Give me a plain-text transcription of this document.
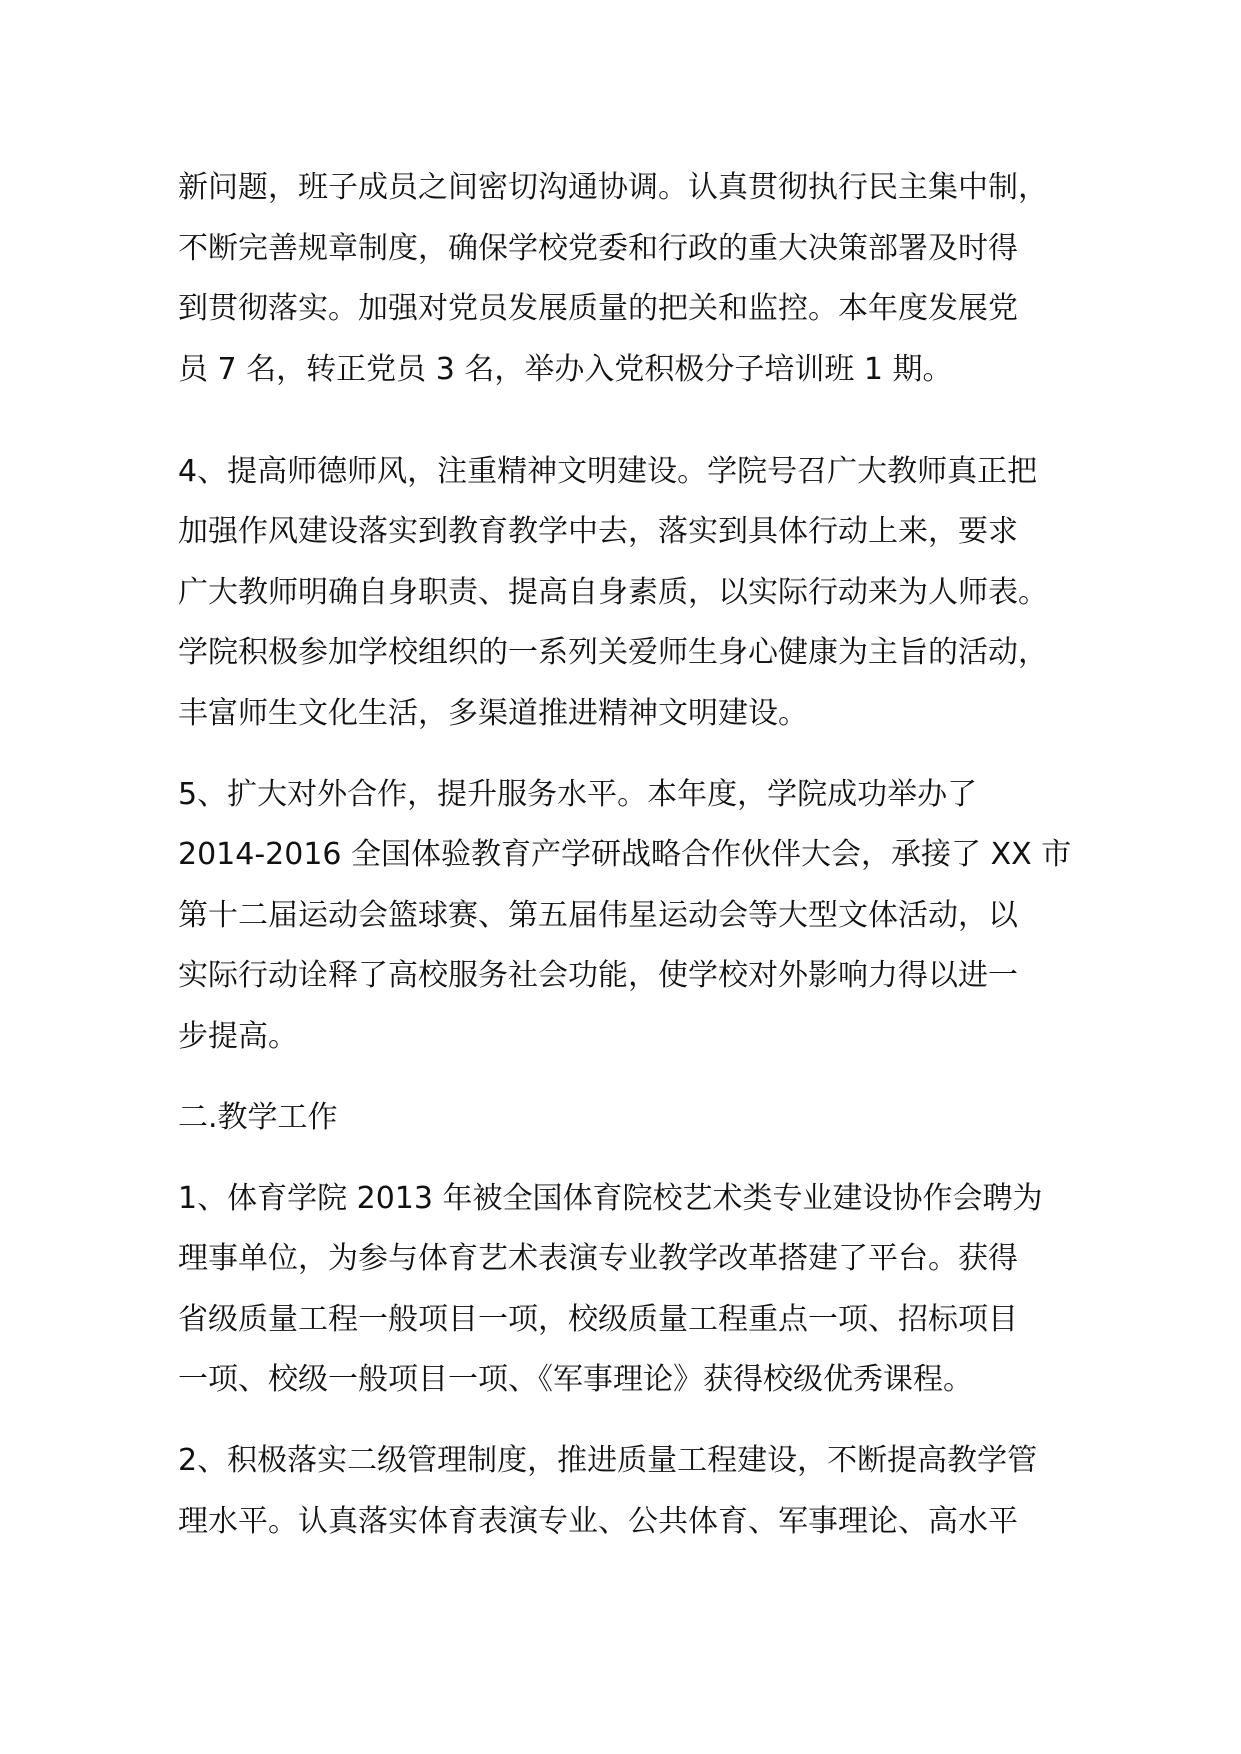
新问题，班子成员之间密切沟通协调。认真贯彻执行民主集中制，
不断完善规章制度，确保学校党委和行政的重大决策部署及时得
到贯彻落实。加强对党员发展质量的把关和监控。本年度发展党
员 7 名，转正党员 3 名，举办入党积极分子培训班 1 期。
4、提高师德师风，注重精神文明建设。学院号召广大教师真正把
加强作风建设落实到教育教学中去，落实到具体行动上来，要求
广大教师明确自身职责、提高自身素质，以实际行动来为人师表。
学院积极参加学校组织的一系列关爱师生身心健康为主旨的活动，
丰富师生文化生活，多渠道推进精神文明建设。
5、扩大对外合作，提升服务水平。本年度，学院成功举办了
2014-2016 全国体验教育产学研战略合作伙伴大会，承接了 XX 市
第十二届运动会篮球赛、第五届伟星运动会等大型文体活动，以
实际行动诠释了高校服务社会功能，使学校对外影响力得以进一
步提高。
二.教学工作
1、体育学院 2013 年被全国体育院校艺术类专业建设协作会聘为
理事单位，为参与体育艺术表演专业教学改革搭建了平台。获得
省级质量工程一般项目一项，校级质量工程重点一项、招标项目
一项、校级一般项目一项、《军事理论》获得校级优秀课程。
2、积极落实二级管理制度，推进质量工程建设，不断提高教学管
理水平。认真落实体育表演专业、公共体育、军事理论、高水平
